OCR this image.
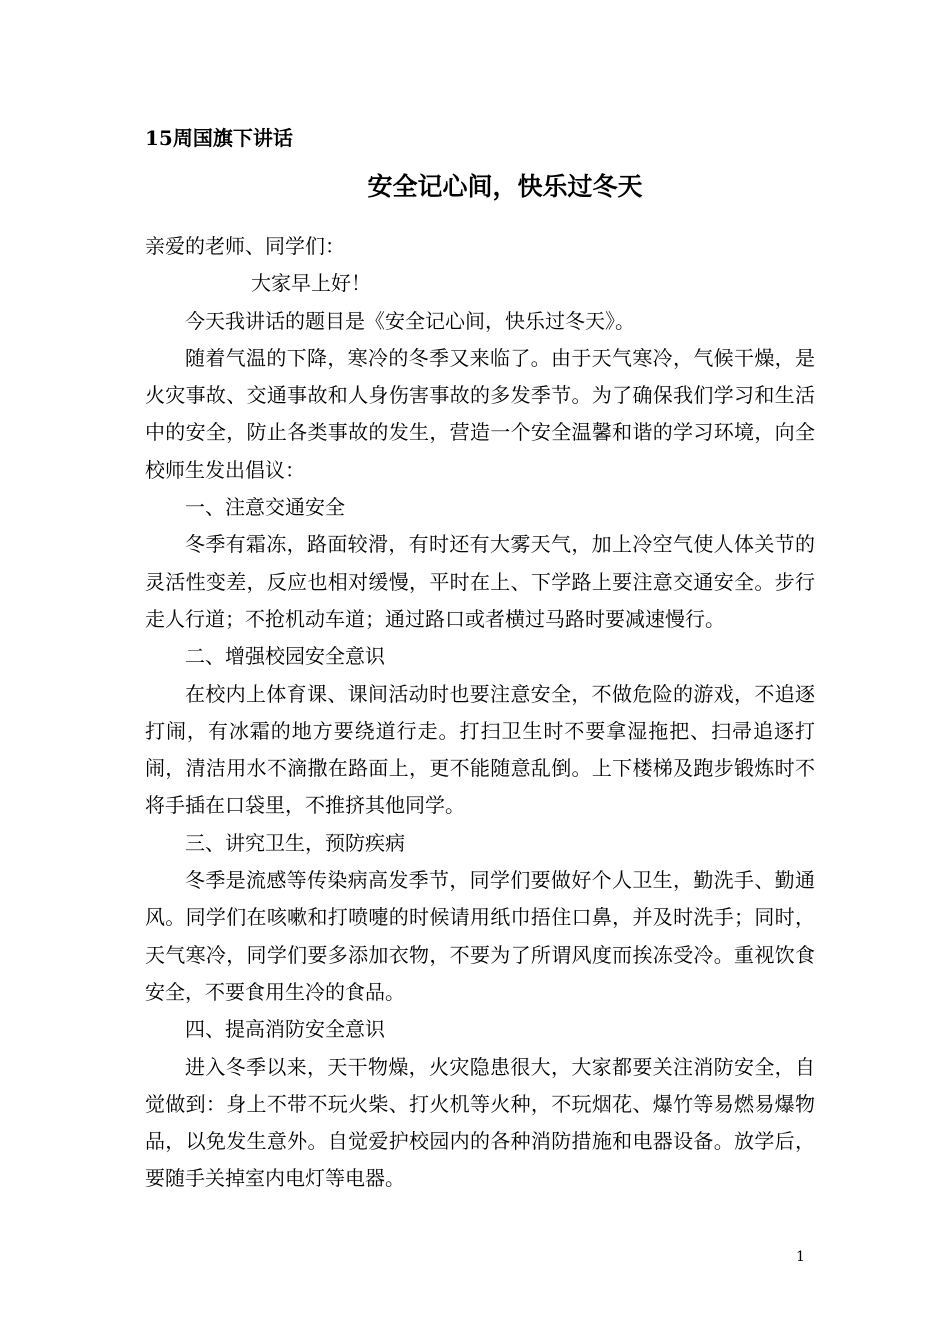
15周国旗下讲话
安全记心间，快乐过冬天

亲爱的老师、同学们：

大家早上好！

今天我讲话的题目是《安全记心间，快乐过冬天》。

随着气温的下降，寒冷的冬季又来临了。由于天气寒冷，气候干燥，是火灾事故、交通事故和人身伤害事故的多发季节。为了确保我们学习和生活中的安全，防止各类事故的发生，营造一个安全温馨和谐的学习环境，向全校师生发出倡议：

一、注意交通安全

冬季有霜冻，路面较滑，有时还有大雾天气，加上冷空气使人体关节的灵活性变差，反应也相对缓慢，平时在上、下学路上要注意交通安全。步行走人行道；不抢机动车道；通过路口或者横过马路时要减速慢行。

二、增强校园安全意识

在校内上体育课、课间活动时也要注意安全，不做危险的游戏，不追逐打闹，有冰霜的地方要绕道行走。打扫卫生时不要拿湿拖把、扫帚追逐打闹，清洁用水不滴撒在路面上，更不能随意乱倒。上下楼梯及跑步锻炼时不将手插在口袋里，不推挤其他同学。

三、讲究卫生，预防疾病

冬季是流感等传染病高发季节，同学们要做好个人卫生，勤洗手、勤通风。同学们在咳嗽和打喷嚏的时候请用纸巾捂住口鼻，并及时洗手；同时，天气寒冷，同学们要多添加衣物，不要为了所谓风度而挨冻受冷。重视饮食安全，不要食用生冷的食品。

四、提高消防安全意识

进入冬季以来，天干物燥，火灾隐患很大，大家都要关注消防安全，自觉做到：身上不带不玩火柴、打火机等火种，不玩烟花、爆竹等易燃易爆物品，以免发生意外。自觉爱护校园内的各种消防措施和电器设备。放学后，要随手关掉室内电灯等电器。

1
